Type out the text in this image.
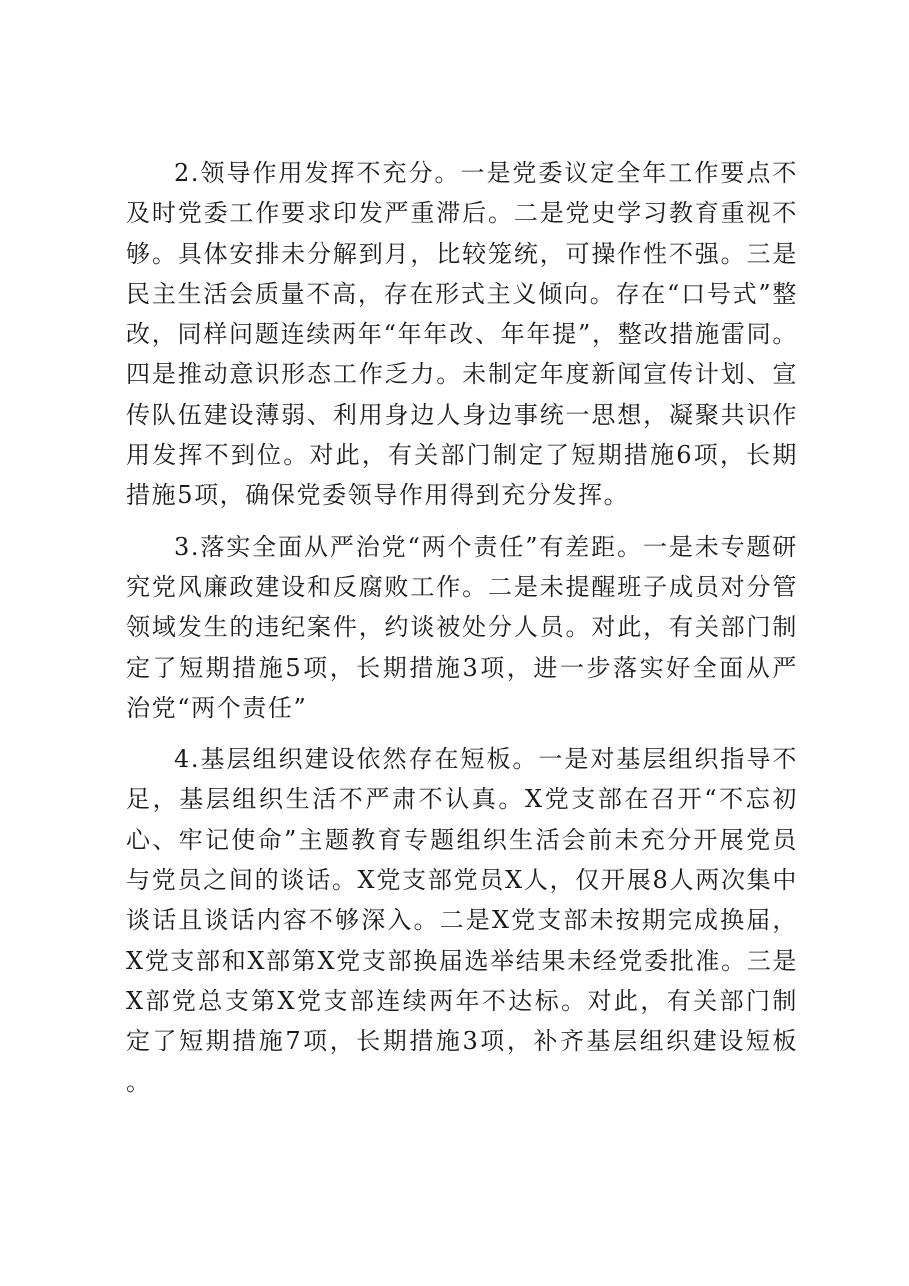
2.领导作用发挥不充分。一是党委议定全年工作要点不及时党委工作要求印发严重滞后。二是党史学习教育重视不够。具体安排未分解到月，比较笼统，可操作性不强。三是民主生活会质量不高，存在形式主义倾向。存在“口号式”整改，同样问题连续两年“年年改、年年提”，整改措施雷同。四是推动意识形态工作乏力。未制定年度新闻宣传计划、宣传队伍建设薄弱、利用身边人身边事统一思想，凝聚共识作用发挥不到位。对此，有关部门制定了短期措施6项，长期措施5项，确保党委领导作用得到充分发挥。

3.落实全面从严治党“两个责任”有差距。一是未专题研究党风廉政建设和反腐败工作。二是未提醒班子成员对分管领域发生的违纪案件，约谈被处分人员。对此，有关部门制定了短期措施5项，长期措施3项，进一步落实好全面从严治党“两个责任”

4.基层组织建设依然存在短板。一是对基层组织指导不足，基层组织生活不严肃不认真。X党支部在召开“不忘初心、牢记使命”主题教育专题组织生活会前未充分开展党员与党员之间的谈话。X党支部党员X人，仅开展8人两次集中谈话且谈话内容不够深入。二是X党支部未按期完成换届，X党支部和X部第X党支部换届选举结果未经党委批准。三是X部党总支第X党支部连续两年不达标。对此，有关部门制定了短期措施7项，长期措施3项，补齐基层组织建设短板。
